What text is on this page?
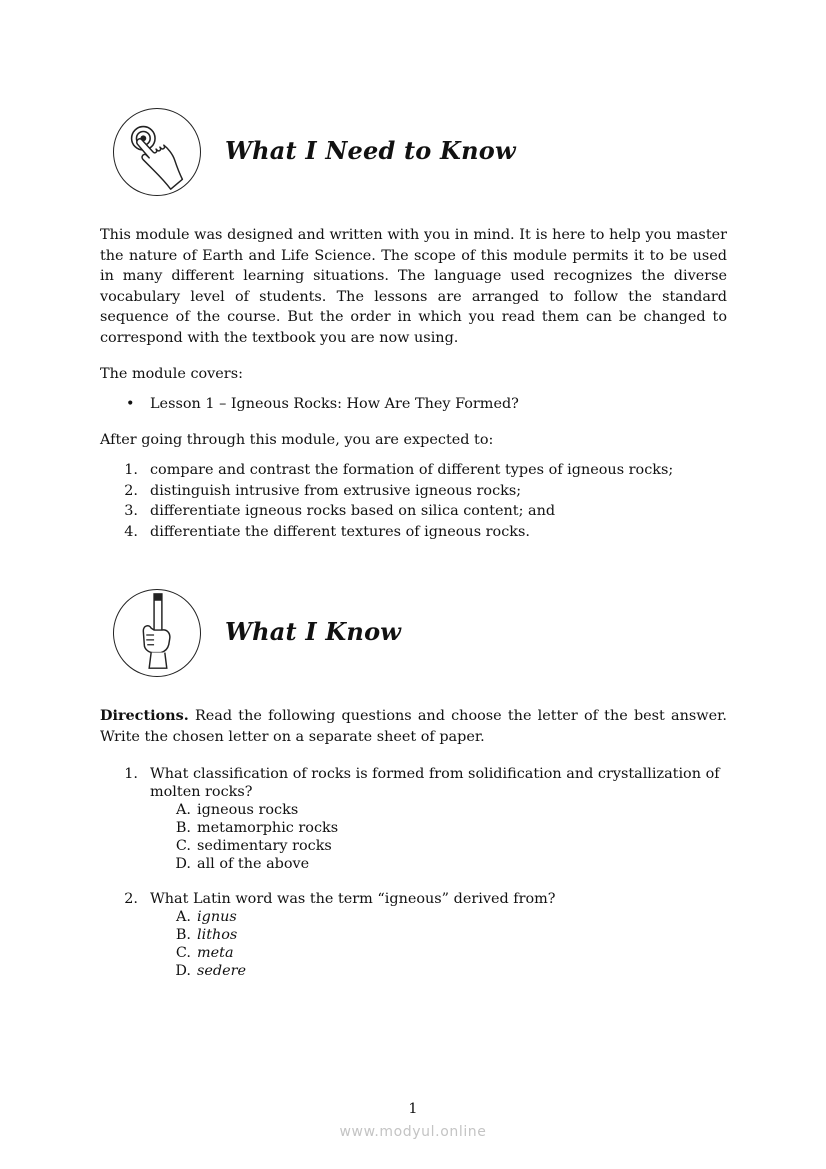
What I Need to Know
This module was designed and written with you in mind. It is here to help you master the nature of Earth and Life Science. The scope of this module permits it to be used in many different learning situations. The language used recognizes the diverse vocabulary level of students. The lessons are arranged to follow the standard sequence of the course. But the order in which you read them can be changed to correspond with the textbook you are now using.
The module covers:
• Lesson 1 – Igneous Rocks: How Are They Formed?
After going through this module, you are expected to:
1. compare and contrast the formation of different types of igneous rocks;
2. distinguish intrusive from extrusive igneous rocks;
3. differentiate igneous rocks based on silica content; and
4. differentiate the different textures of igneous rocks.
What I Know
Directions. Read the following questions and choose the letter of the best answer. Write the chosen letter on a separate sheet of paper.
1. What classification of rocks is formed from solidification and crystallization of
molten rocks?
A. igneous rocks
B. metamorphic rocks
C. sedimentary rocks
D. all of the above
2. What Latin word was the term “igneous” derived from?
A. ignus
B. lithos
C. meta
D. sedere
1
www.modyul.online
